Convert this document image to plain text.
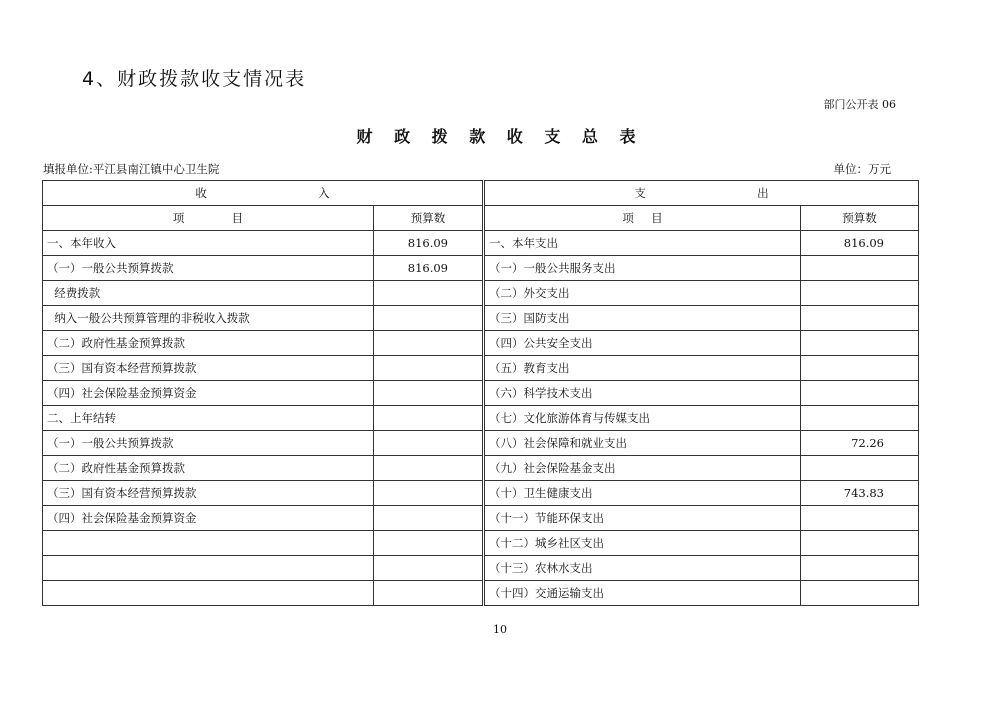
4、财政拨款收支情况表
部门公开表 06
财 政 拨 款 收 支 总 表
填报单位:平江县南江镇中心卫生院	单位：万元
收 入			支 出	
项 目	预算数		项 目	预算数
一、本年收入	816.09		一、本年支出	816.09
（一）一般公共预算拨款	816.09		（一）一般公共服务支出	
经费拨款			（二）外交支出	
纳入一般公共预算管理的非税收入拨款			（三）国防支出	
（二）政府性基金预算拨款			（四）公共安全支出	
（三）国有资本经营预算拨款			（五）教育支出	
（四）社会保险基金预算资金			（六）科学技术支出	
二、上年结转			（七）文化旅游体育与传媒支出	
（一）一般公共预算拨款			（八）社会保障和就业支出	72.26
（二）政府性基金预算拨款			（九）社会保险基金支出	
（三）国有资本经营预算拨款			（十）卫生健康支出	743.83
（四）社会保险基金预算资金			（十一）节能环保支出	
			（十二）城乡社区支出	
			（十三）农林水支出	
			（十四）交通运输支出	
10
